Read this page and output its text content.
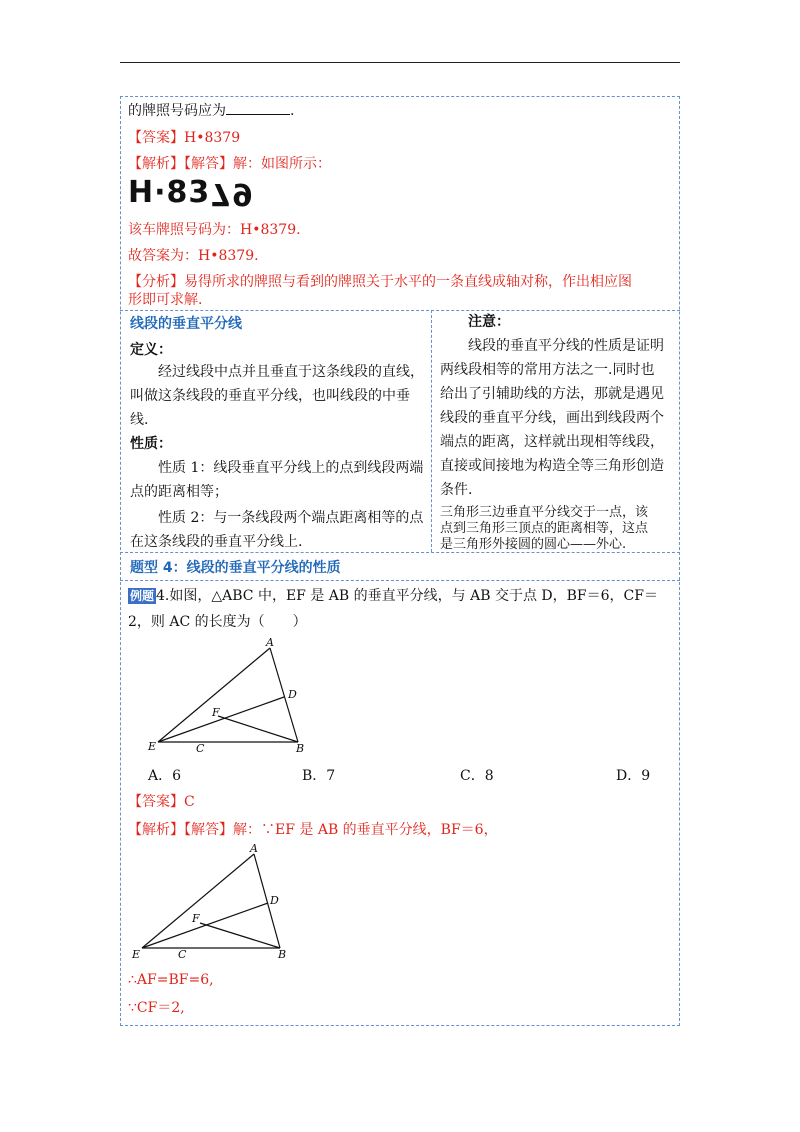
的牌照号码应为	.
【答案】H•8379
【解析】【解答】解：如图所示：
H·8379
该车牌照号码为：H•8379.
故答案为：H•8379.
【分析】易得所求的牌照与看到的牌照关于水平的一条直线成轴对称，作出相应图
形即可求解.
线段的垂直平分线
定义：
经过线段中点并且垂直于这条线段的直线，
叫做这条线段的垂直平分线，也叫线段的中垂
线.
性质：
性质 1：线段垂直平分线上的点到线段两端
点的距离相等；
性质 2：与一条线段两个端点距离相等的点
在这条线段的垂直平分线上.
注意：
线段的垂直平分线的性质是证明
两线段相等的常用方法之一.同时也
给出了引辅助线的方法，那就是遇见
线段的垂直平分线，画出到线段两个
端点的距离，这样就出现相等线段，
直接或间接地为构造全等三角形创造
条件.
三角形三边垂直平分线交于一点，该
点到三角形三顶点的距离相等，这点
是三角形外接圆的圆心——外心.
题型 4：线段的垂直平分线的性质
例题 4.如图，△ABC 中，EF 是 AB 的垂直平分线，与 AB 交于点 D，BF＝6，CF＝
2，则 AC 的长度为（　　）
A
D
F
E	C	B
A．6	B．7	C．8	D．9
【答案】C
【解析】【解答】解：∵EF 是 AB 的垂直平分线，BF＝6，
A
D
F
E	C	B
∴AF=BF=6,
∵CF＝2,
